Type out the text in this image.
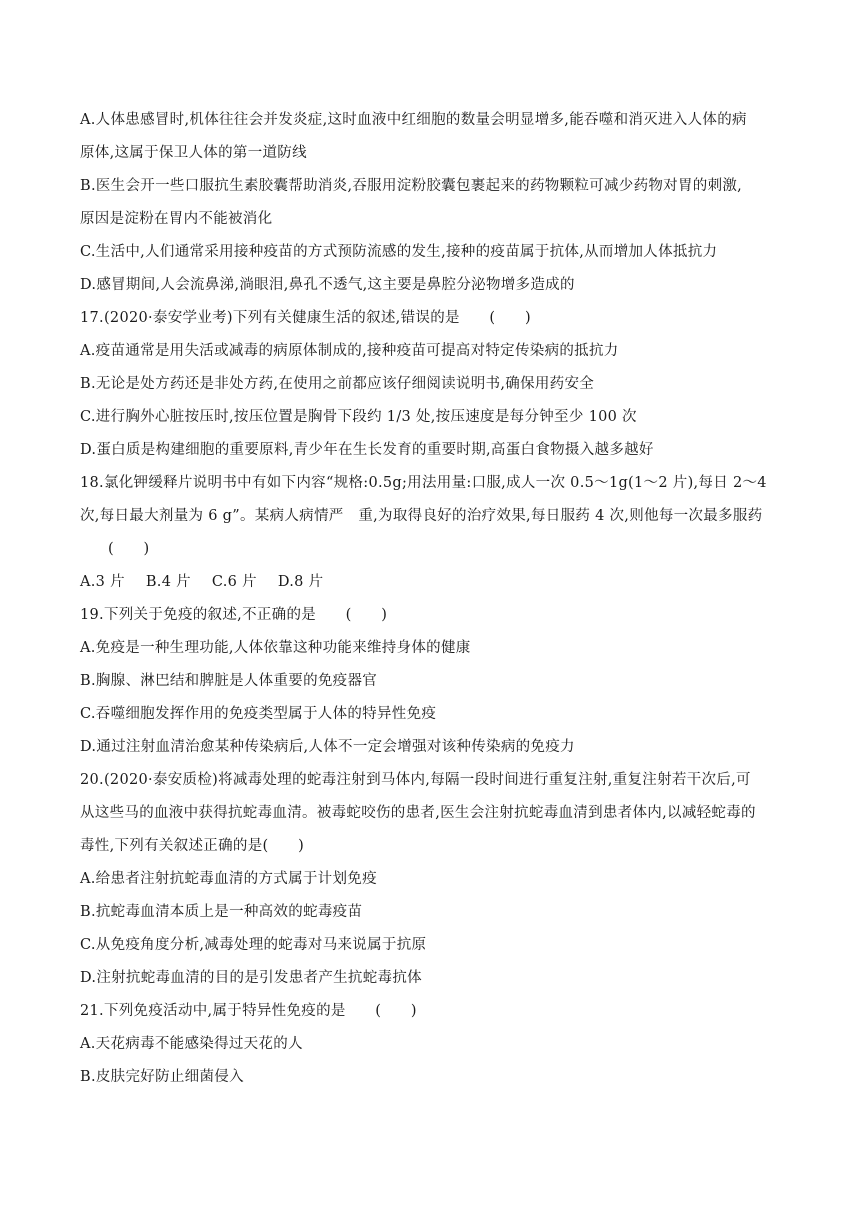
A.人体患感冒时,机体往往会并发炎症,这时血液中红细胞的数量会明显增多,能吞噬和消灭进入人体的病
原体,这属于保卫人体的第一道防线
B.医生会开一些口服抗生素胶囊帮助消炎,吞服用淀粉胶囊包裹起来的药物颗粒可减少药物对胃的刺激,
原因是淀粉在胃内不能被消化
C.生活中,人们通常采用接种疫苗的方式预防流感的发生,接种的疫苗属于抗体,从而增加人体抵抗力
D.感冒期间,人会流鼻涕,淌眼泪,鼻孔不透气,这主要是鼻腔分泌物增多造成的
17.(2020·泰安学业考)下列有关健康生活的叙述,错误的是　　(　　)
A.疫苗通常是用失活或减毒的病原体制成的,接种疫苗可提高对特定传染病的抵抗力
B.无论是处方药还是非处方药,在使用之前都应该仔细阅读说明书,确保用药安全
C.进行胸外心脏按压时,按压位置是胸骨下段约 1/3 处,按压速度是每分钟至少 100 次
D.蛋白质是构建细胞的重要原料,青少年在生长发育的重要时期,高蛋白食物摄入越多越好
18.氯化钾缓释片说明书中有如下内容“规格:0.5g;用法用量:口服,成人一次 0.5～1g(1～2 片),每日 2～4
次,每日最大剂量为 6 g”。某病人病情严　重,为取得良好的治疗效果,每日服药 4 次,则他每一次最多服药
(　　)
A.3 片 B.4 片 C.6 片 D.8 片
19.下列关于免疫的叙述,不正确的是　　(　　)
A.免疫是一种生理功能,人体依靠这种功能来维持身体的健康
B.胸腺、淋巴结和脾脏是人体重要的免疫器官
C.吞噬细胞发挥作用的免疫类型属于人体的特异性免疫
D.通过注射血清治愈某种传染病后,人体不一定会增强对该种传染病的免疫力
20.(2020·泰安质检)将减毒处理的蛇毒注射到马体内,每隔一段时间进行重复注射,重复注射若干次后,可
从这些马的血液中获得抗蛇毒血清。被毒蛇咬伤的患者,医生会注射抗蛇毒血清到患者体内,以减轻蛇毒的
毒性,下列有关叙述正确的是(　　)
A.给患者注射抗蛇毒血清的方式属于计划免疫
B.抗蛇毒血清本质上是一种高效的蛇毒疫苗
C.从免疫角度分析,减毒处理的蛇毒对马来说属于抗原
D.注射抗蛇毒血清的目的是引发患者产生抗蛇毒抗体
21.下列免疫活动中,属于特异性免疫的是　　(　　)
A.天花病毒不能感染得过天花的人
B.皮肤完好防止细菌侵入
